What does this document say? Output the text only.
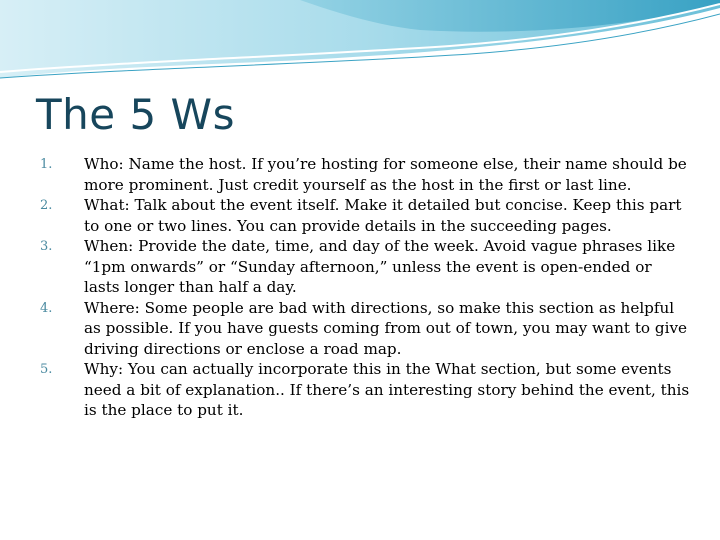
The 5 Ws
1.	Who: Name the host. If you’re hosting for someone else, their name should be more prominent. Just credit yourself as the host in the first or last line.
2.	What: Talk about the event itself. Make it detailed but concise. Keep this part to one or two lines. You can provide details in the succeeding pages.
3.	When: Provide the date, time, and day of the week. Avoid vague phrases like “1pm onwards” or “Sunday afternoon,” unless the event is open-ended or lasts longer than half a day.
4.	Where: Some people are bad with directions, so make this section as helpful as possible. If you have guests coming from out of town, you may want to give driving directions or enclose a road map.
5.	Why: You can actually incorporate this in the What section, but some events need a bit of explanation.. If there’s an interesting story behind the event, this is the place to put it.
